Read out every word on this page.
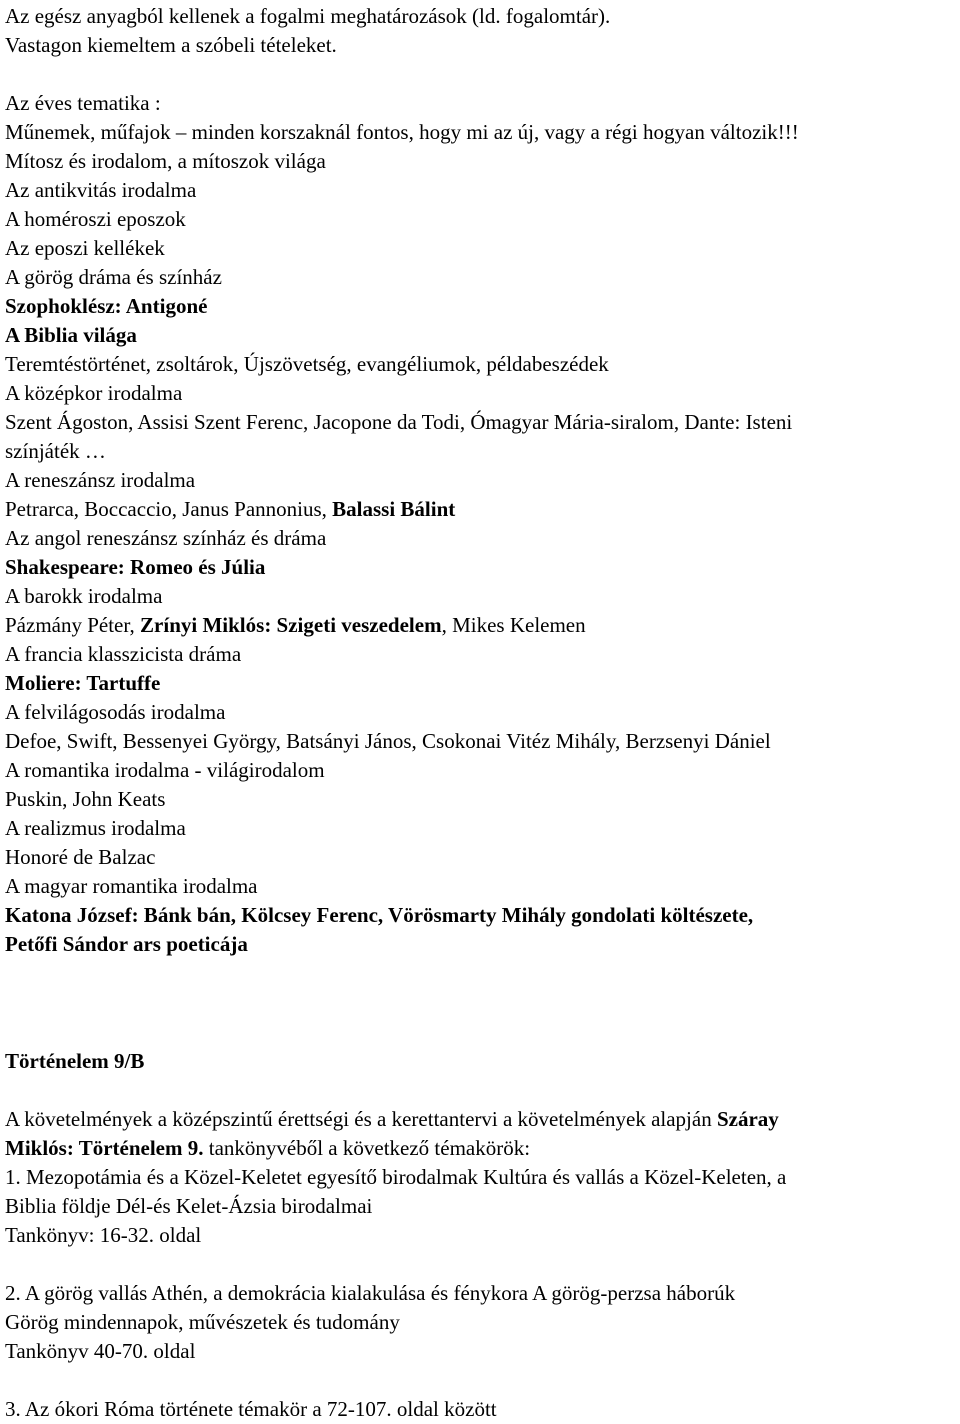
Az egész anyagból kellenek a fogalmi meghatározások (ld. fogalomtár).

Vastagon kiemeltem a szóbeli tételeket.

Az éves tematika :

Műnemek, műfajok – minden korszaknál fontos, hogy mi az új, vagy a régi hogyan változik!!!

Mítosz és irodalom, a mítoszok világa

Az antikvitás irodalma

A homéroszi eposzok

Az eposzi kellékek

A görög dráma és színház

Szophoklész: Antigoné

A Biblia világa

Teremtéstörténet, zsoltárok, Újszövetség, evangéliumok, példabeszédek

A középkor irodalma

Szent Ágoston, Assisi Szent Ferenc, Jacopone da Todi, Ómagyar Mária-siralom, Dante: Isteni

színjáték …

A reneszánsz irodalma

Petrarca, Boccaccio, Janus Pannonius, Balassi Bálint

Az angol reneszánsz színház és dráma

Shakespeare: Romeo és Júlia

A barokk irodalma

Pázmány Péter, Zrínyi Miklós: Szigeti veszedelem, Mikes Kelemen

A francia klasszicista dráma

Moliere: Tartuffe

A felvilágosodás irodalma

Defoe, Swift, Bessenyei György, Batsányi János, Csokonai Vitéz Mihály, Berzsenyi Dániel

A romantika irodalma - világirodalom

Puskin, John Keats

A realizmus irodalma

Honoré de Balzac

A magyar romantika irodalma

Katona József: Bánk bán, Kölcsey Ferenc, Vörösmarty Mihály gondolati költészete,

Petőfi Sándor ars poeticája

Történelem 9/B

A követelmények a középszintű érettségi és a kerettantervi a követelmények alapján Száray

Miklós: Történelem 9. tankönyvéből a következő témakörök:

1. Mezopotámia és a Közel-Keletet egyesítő birodalmak Kultúra és vallás a Közel-Keleten, a

Biblia földje Dél-és Kelet-Ázsia birodalmai

Tankönyv: 16-32. oldal

2. A görög vallás Athén, a demokrácia kialakulása és fénykora A görög-perzsa háborúk

Görög mindennapok, művészetek és tudomány

Tankönyv 40-70. oldal

3. Az ókori Róma története témakör a 72-107. oldal között
